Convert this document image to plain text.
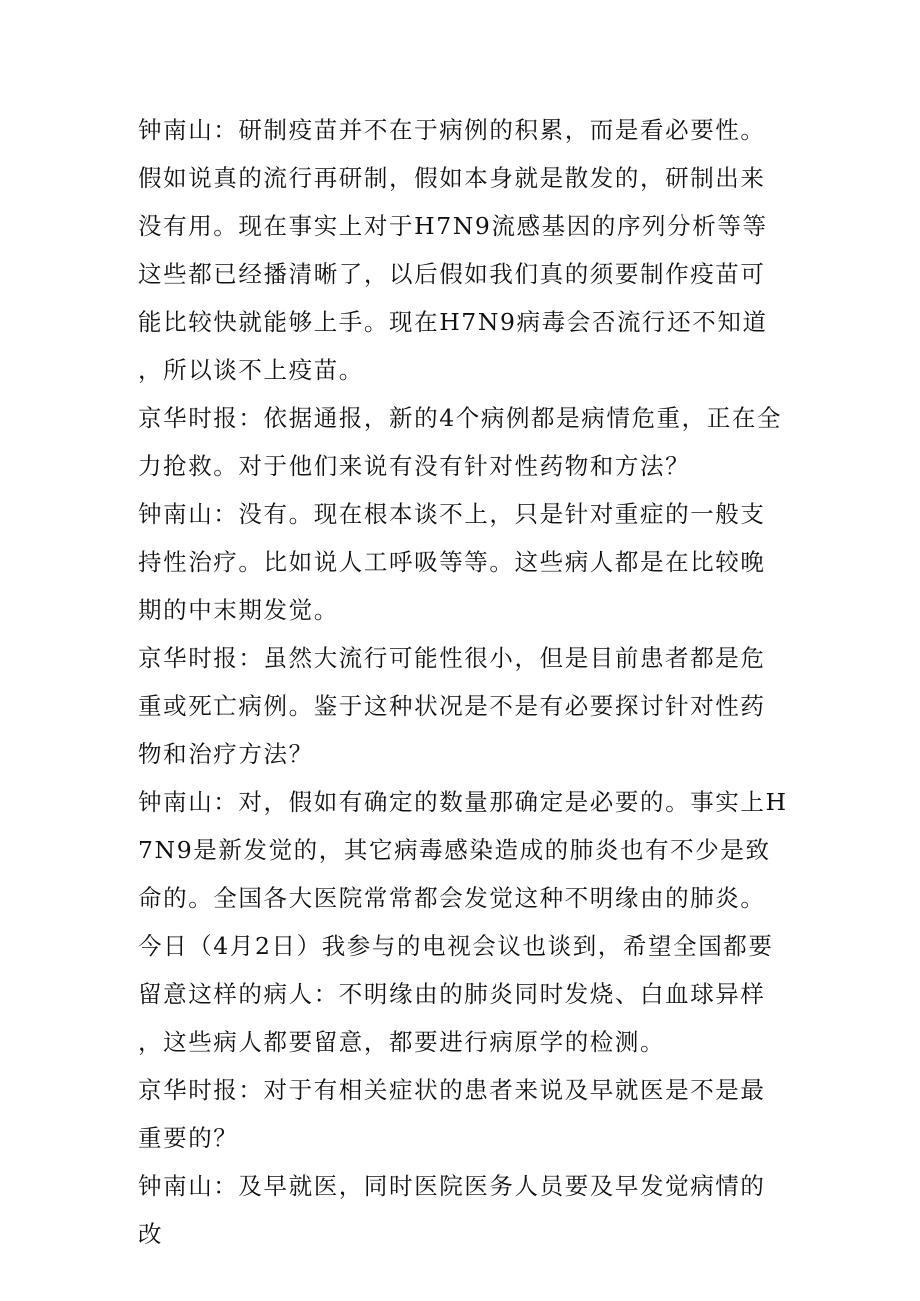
钟南山：研制疫苗并不在于病例的积累，而是看必要性。假如说真的流行再研制，假如本身就是散发的，研制出来没有用。现在事实上对于H7N9流感基因的序列分析等等这些都已经播清晰了，以后假如我们真的须要制作疫苗可能比较快就能够上手。现在H7N9病毒会否流行还不知道，所以谈不上疫苗。

京华时报：依据通报，新的4个病例都是病情危重，正在全力抢救。对于他们来说有没有针对性药物和方法？

钟南山：没有。现在根本谈不上，只是针对重症的一般支持性治疗。比如说人工呼吸等等。这些病人都是在比较晚期的中末期发觉。

京华时报：虽然大流行可能性很小，但是目前患者都是危重或死亡病例。鉴于这种状况是不是有必要探讨针对性药物和治疗方法？

钟南山：对，假如有确定的数量那确定是必要的。事实上H7N9是新发觉的，其它病毒感染造成的肺炎也有不少是致命的。全国各大医院常常都会发觉这种不明缘由的肺炎。今日（4月2日）我参与的电视会议也谈到，希望全国都要留意这样的病人：不明缘由的肺炎同时发烧、白血球异样，这些病人都要留意，都要进行病原学的检测。

京华时报：对于有相关症状的患者来说及早就医是不是最重要的？

钟南山：及早就医，同时医院医务人员要及早发觉病情的改
